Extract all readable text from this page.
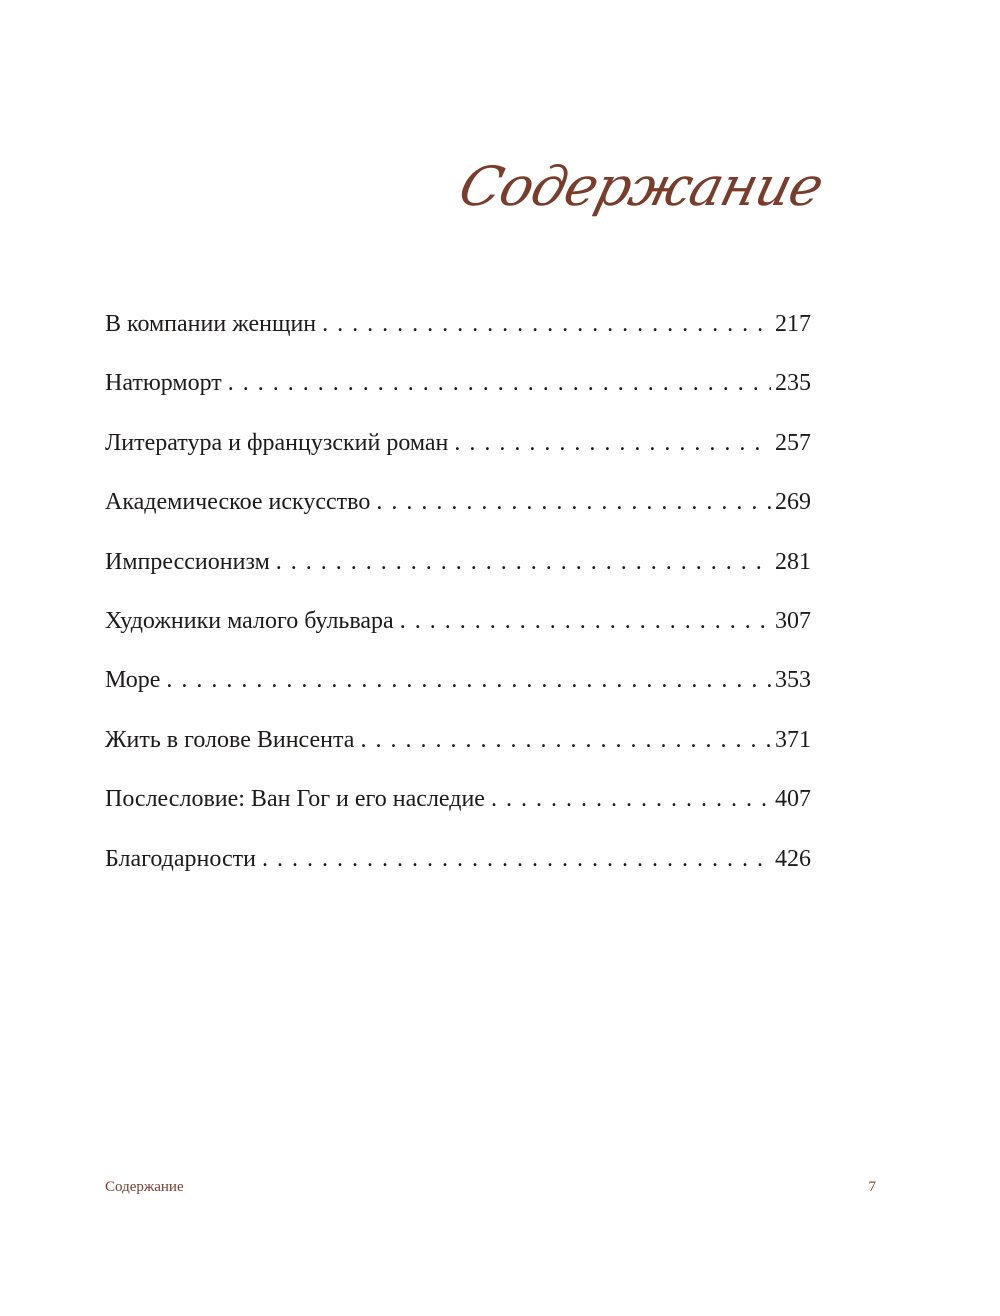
Содержание
В компании женщин . . .	217
Натюрморт . . .	235
Литература и французский роман . . .	257
Академическое искусство . . .	269
Импрессионизм . . .	281
Художники малого бульвара . . .	307
Море . . .	353
Жить в голове Винсента . . .	371
Послесловие: Ван Гог и его наследие . . .	407
Благодарности . . .	426
Содержание	7
